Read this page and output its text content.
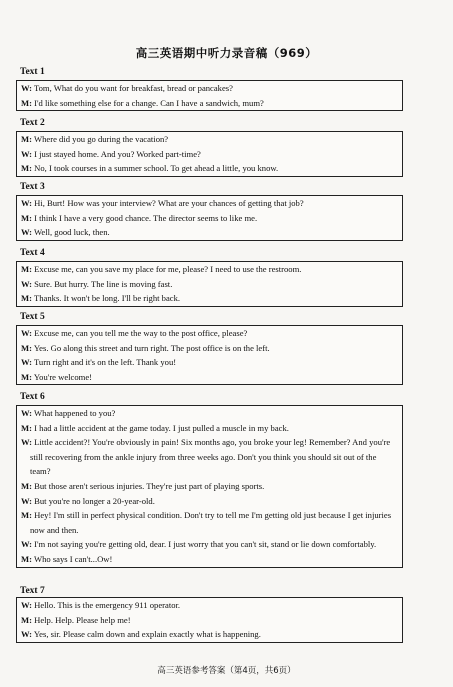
高三英语期中听力录音稿（969）
Text 1
W: Tom, What do you want for breakfast, bread or pancakes?
M: I'd like something else for a change. Can I have a sandwich, mum?
Text 2
M: Where did you go during the vacation?
W: I just stayed home. And you? Worked part-time?
M: No, I took courses in a summer school. To get ahead a little, you know.
Text 3
W: Hi, Burt! How was your interview? What are your chances of getting that job?
M: I think I have a very good chance. The director seems to like me.
W: Well, good luck, then.
Text 4
M: Excuse me, can you save my place for me, please? I need to use the restroom.
W: Sure. But hurry. The line is moving fast.
M: Thanks. It won't be long. I'll be right back.
Text 5
W: Excuse me, can you tell me the way to the post office, please?
M: Yes. Go along this street and turn right. The post office is on the left.
W: Turn right and it's on the left. Thank you!
M: You're welcome!
Text 6
W: What happened to you?
M: I had a little accident at the game today. I just pulled a muscle in my back.
W: Little accident?! You're obviously in pain! Six months ago, you broke your leg! Remember? And you're still recovering from the ankle injury from three weeks ago. Don't you think you should sit out of the team?
M: But those aren't serious injuries. They're just part of playing sports.
W: But you're no longer a 20-year-old.
M: Hey! I'm still in perfect physical condition. Don't try to tell me I'm getting old just because I get injuries now and then.
W: I'm not saying you're getting old, dear. I just worry that you can't sit, stand or lie down comfortably.
M: Who says I can't...Ow!
Text 7
W: Hello. This is the emergency 911 operator.
M: Help. Help. Please help me!
W: Yes, sir. Please calm down and explain exactly what is happening.
高三英语参考答案（第4页，共6页）
